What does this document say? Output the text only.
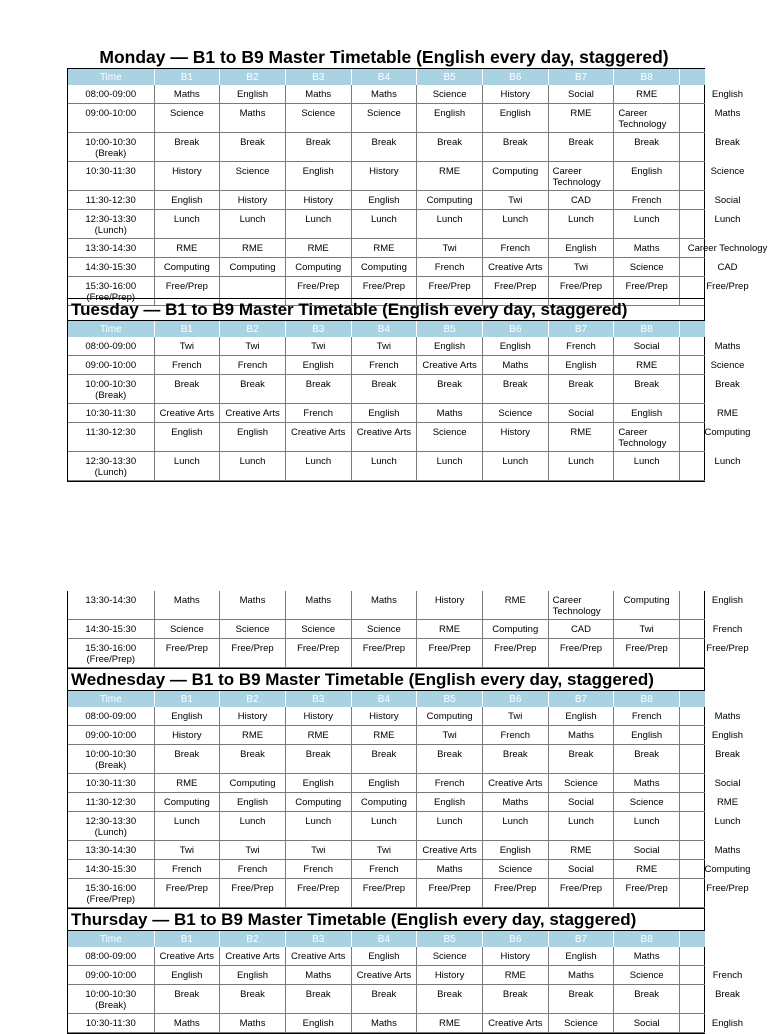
Monday — B1 to B9 Master Timetable (English every day, staggered)
Time	B1	B2	B3	B4	B5	B6	B7	B8	
08:00-09:00	Maths	English	Maths	Maths	Science	History	Social	RME	English

09:00-10:00	Science	Maths	Science	Science	English	English	RME	Career Technology	Maths

10:00-10:30 (Break)	Break	Break	Break	Break	Break	Break	Break	Break	Break

10:30-11:30	History	Science	English	History	RME	Computing	Career Technology	English	Science

11:30-12:30	English	History	History	English	Computing	Twi	CAD	French	Social

12:30-13:30 (Lunch)	Lunch	Lunch	Lunch	Lunch	Lunch	Lunch	Lunch	Lunch	Lunch

13:30-14:30	RME	RME	RME	RME	Twi	French	English	Maths	Career Technology

14:30-15:30	Computing	Computing	Computing	Computing	French	Creative Arts	Twi	Science	CAD

15:30-16:00 (Free/Prep)	Free/Prep		Free/Prep	Free/Prep	Free/Prep	Free/Prep	Free/Prep	Free/Prep	Free/Prep
Tuesday — B1 to B9 Master Timetable (English every day, staggered)
Time	B1	B2	B3	B4	B5	B6	B7	B8	
08:00-09:00	Twi	Twi	Twi	Twi	English	English	French	Social	Maths

09:00-10:00	French	French	English	French	Creative Arts	Maths	English	RME	Science

10:00-10:30 (Break)	Break	Break	Break	Break	Break	Break	Break	Break	Break

10:30-11:30	Creative Arts	Creative Arts	French	English	Maths	Science	Social	English	RME

11:30-12:30	English	English	Creative Arts	Creative Arts	Science	History	RME	Career Technology	Computing

12:30-13:30 (Lunch)	Lunch	Lunch	Lunch	Lunch	Lunch	Lunch	Lunch	Lunch	Lunch
13:30-14:30	Maths	Maths	Maths	Maths	History	RME	Career Technology	Computing	English

14:30-15:30	Science	Science	Science	Science	RME	Computing	CAD	Twi	French

15:30-16:00 (Free/Prep)	Free/Prep	Free/Prep	Free/Prep	Free/Prep	Free/Prep	Free/Prep	Free/Prep	Free/Prep	Free/Prep
Wednesday — B1 to B9 Master Timetable (English every day, staggered)
Time	B1	B2	B3	B4	B5	B6	B7	B8	
08:00-09:00	English	History	History	History	Computing	Twi	English	French	Maths

09:00-10:00	History	RME	RME	RME	Twi	French	Maths	English	English

10:00-10:30 (Break)	Break	Break	Break	Break	Break	Break	Break	Break	Break

10:30-11:30	RME	Computing	English	English	French	Creative Arts	Science	Maths	Social

11:30-12:30	Computing	English	Computing	Computing	English	Maths	Social	Science	RME

12:30-13:30 (Lunch)	Lunch	Lunch	Lunch	Lunch	Lunch	Lunch	Lunch	Lunch	Lunch

13:30-14:30	Twi	Twi	Twi	Twi	Creative Arts	English	RME	Social	Maths

14:30-15:30	French	French	French	French	Maths	Science	Social	RME	Computing

15:30-16:00 (Free/Prep)	Free/Prep	Free/Prep	Free/Prep	Free/Prep	Free/Prep	Free/Prep	Free/Prep	Free/Prep	Free/Prep
Thursday — B1 to B9 Master Timetable (English every day, staggered)
Time	B1	B2	B3	B4	B5	B6	B7	B8	
08:00-09:00	Creative Arts	Creative Arts	Creative Arts	English	Science	History	English	Maths	

09:00-10:00	English	English	Maths	Creative Arts	History	RME	Maths	Science	French

10:00-10:30 (Break)	Break	Break	Break	Break	Break	Break	Break	Break	Break

10:30-11:30	Maths	Maths	English	Maths	RME	Creative Arts	Science	Social	English
